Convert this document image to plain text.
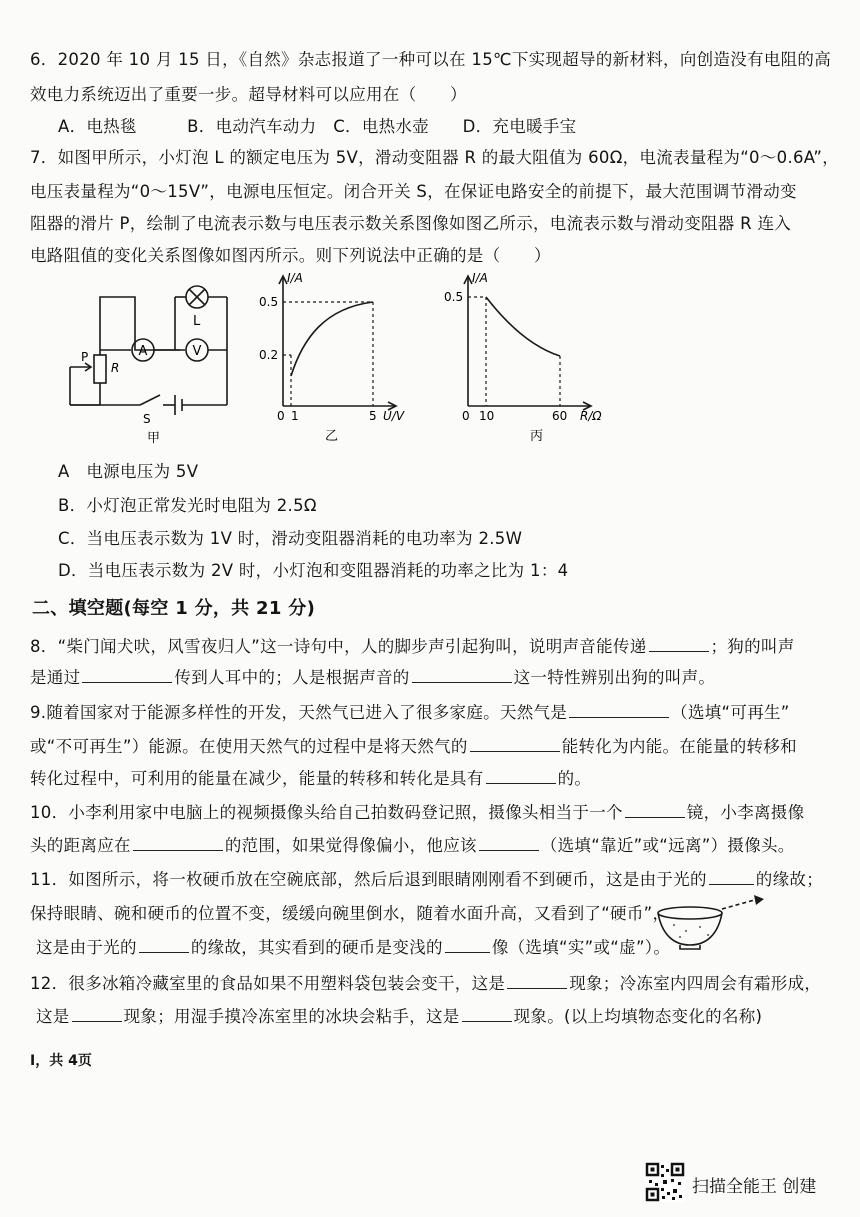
6．2020 年 10 月 15 日，《自然》杂志报道了一种可以在 15℃下实现超导的新材料，向创造没有电阻的高
效电力系统迈出了重要一步。超导材料可以应用在（　　）
A．电热毯　　　B．电动汽车动力　C．电热水壶　　D．充电暖手宝
7．如图甲所示，小灯泡 L 的额定电压为 5V，滑动变阻器 R 的最大阻值为 60Ω，电流表量程为“0～0.6A”，
电压表量程为“0～15V”，电源电压恒定。闭合开关 S，在保证电路安全的前提下，最大范围调节滑动变
阻器的滑片 P，绘制了电流表示数与电压表示数关系图像如图乙所示，电流表示数与滑动变阻器 R 连入
电路阻值的变化关系图像如图丙所示。则下列说法中正确的是（　　）
A	V
L
P
R
S
甲
I/A
0.5
0.2
0 1	5 U/V
乙
I/A
0.5
0 10	60 R/Ω
丙
A　电源电压为 5V
B．小灯泡正常发光时电阻为 2.5Ω
C．当电压表示数为 1V 时，滑动变阻器消耗的电功率为 2.5W
D．当电压表示数为 2V 时，小灯泡和变阻器消耗的功率之比为 1：4
二、填空题(每空 1 分，共 21 分)
8．“柴门闻犬吠，风雪夜归人”这一诗句中，人的脚步声引起狗叫，说明声音能传递	；狗的叫声
是通过	传到人耳中的；人是根据声音的	这一特性辨别出狗的叫声。
9.随着国家对于能源多样性的开发，天然气已进入了很多家庭。天然气是	（选填“可再生”
或“不可再生”）能源。在使用天然气的过程中是将天然气的	能转化为内能。在能量的转移和
转化过程中，可利用的能量在减少，能量的转移和转化是具有	的。
10．小李利用家中电脑上的视频摄像头给自己拍数码登记照，摄像头相当于一个	镜，小李离摄像
头的距离应在	的范围，如果觉得像偏小，他应该	（选填“靠近”或“远离”）摄像头。
11．如图所示，将一枚硬币放在空碗底部，然后后退到眼睛刚刚看不到硬币，这是由于光的	的缘故；
保持眼睛、碗和硬币的位置不变，缓缓向碗里倒水，随着水面升高，又看到了“硬币”，
这是由于光的	的缘故，其实看到的硬币是变浅的	像（选填“实”或“虚”）。
12．很多冰箱冷藏室里的食品如果不用塑料袋包装会变干，这是	现象；冷冻室内四周会有霜形成，
这是	现象；用湿手摸冷冻室里的冰块会粘手，这是	现象。(以上均填物态变化的名称)
Ⅰ，共 4页
扫描全能王 创建
